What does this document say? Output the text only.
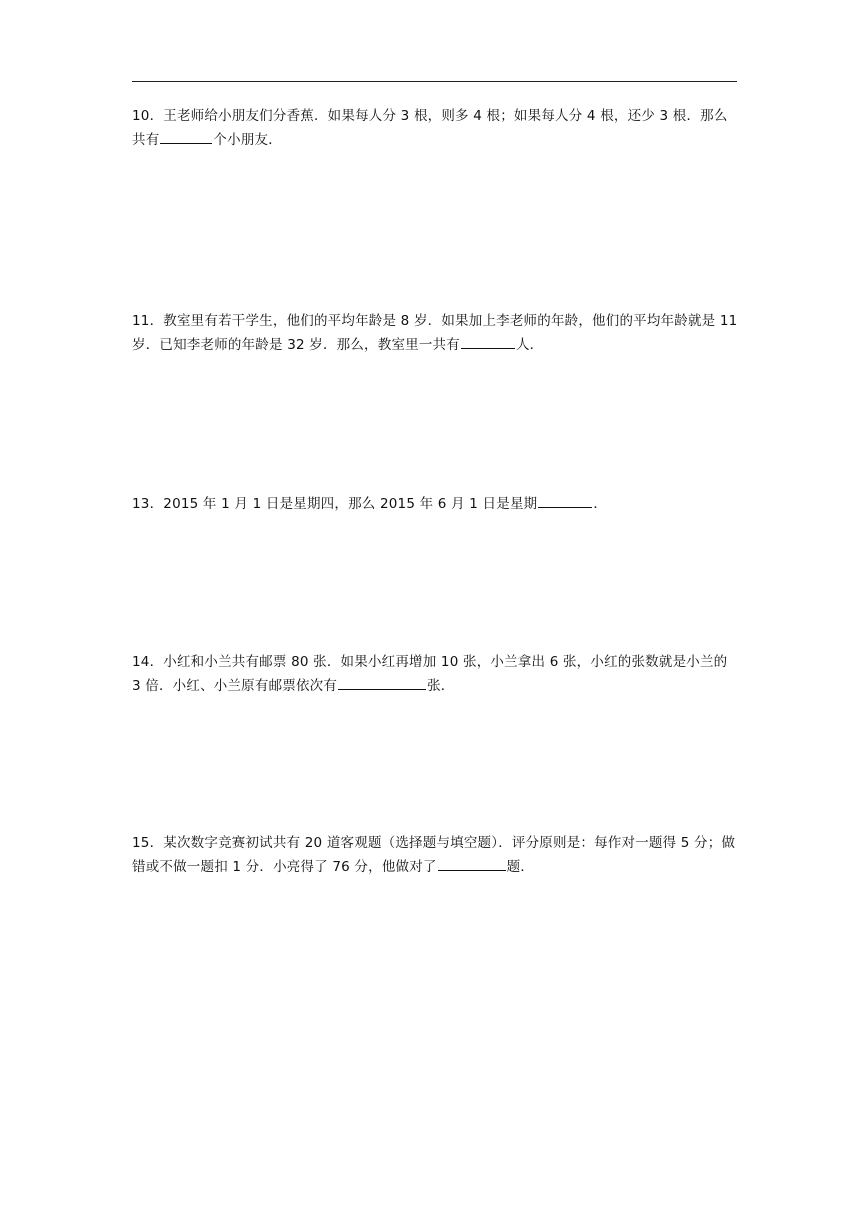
10．王老师给小朋友们分香蕉．如果每人分 3 根，则多 4 根；如果每人分 4 根，还少 3 根．那么共有	个小朋友．
11．教室里有若干学生，他们的平均年龄是 8 岁．如果加上李老师的年龄，他们的平均年龄就是 11 岁．已知李老师的年龄是 32 岁．那么，教室里一共有	人．
13．2015 年 1 月 1 日是星期四，那么 2015 年 6 月 1 日是星期	．
14．小红和小兰共有邮票 80 张．如果小红再增加 10 张，小兰拿出 6 张，小红的张数就是小兰的 3 倍．小红、小兰原有邮票依次有	张．
15．某次数字竞赛初试共有 20 道客观题（选择题与填空题）．评分原则是：每作对一题得 5 分；做错或不做一题扣 1 分．小亮得了 76 分，他做对了	题．
